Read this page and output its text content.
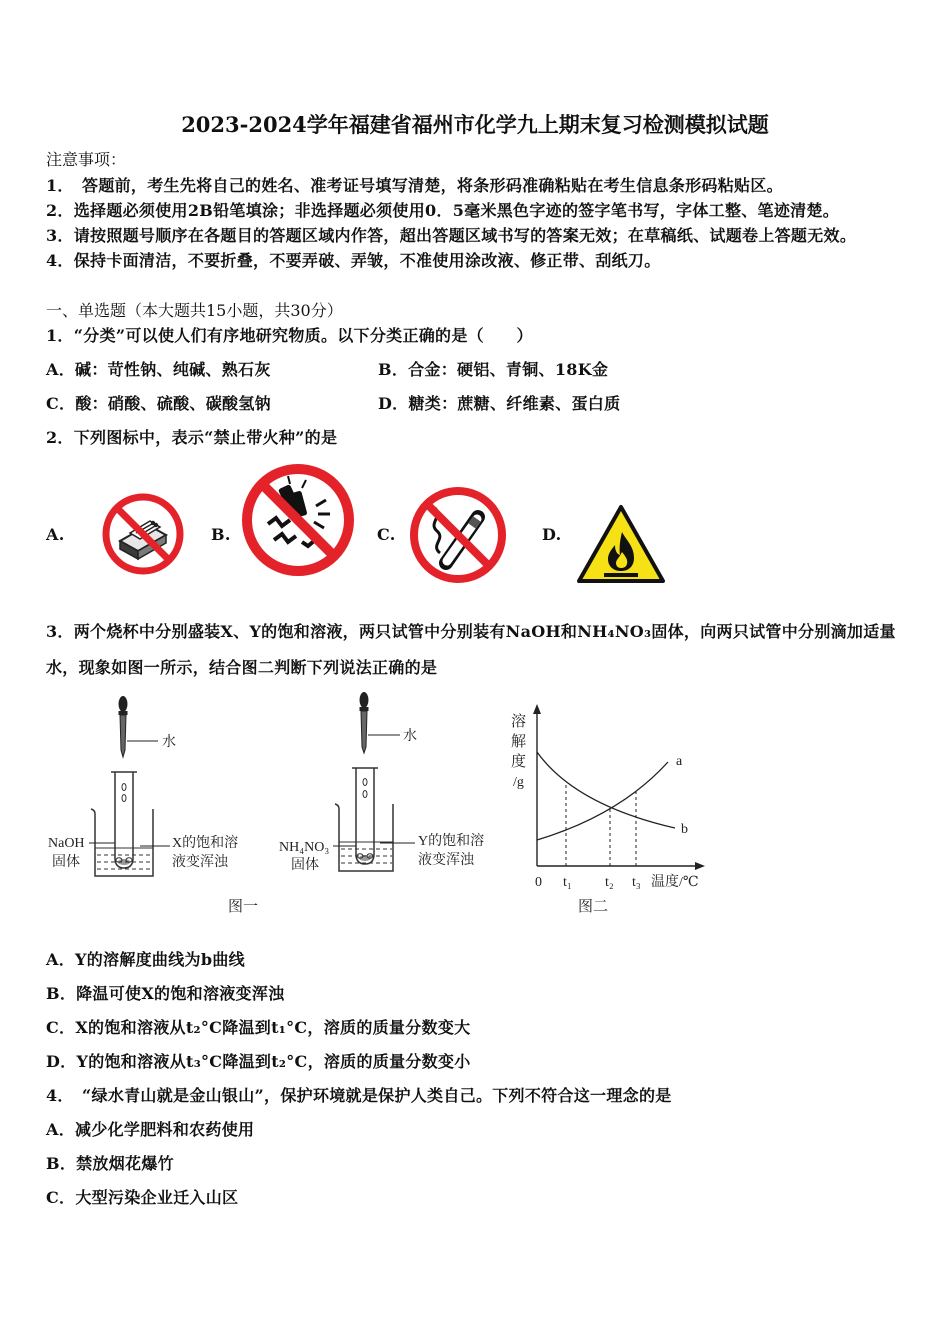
2023-2024学年福建省福州市化学九上期末复习检测模拟试题
注意事项：
1．　答题前，考生先将自己的姓名、准考证号填写清楚，将条形码准确粘贴在考生信息条形码粘贴区。
2．选择题必须使用2B铅笔填涂；非选择题必须使用0．5毫米黑色字迹的签字笔书写，字体工整、笔迹清楚。
3．请按照题号顺序在各题目的答题区域内作答，超出答题区域书写的答案无效；在草稿纸、试题卷上答题无效。
4．保持卡面清洁，不要折叠，不要弄破、弄皱，不准使用涂改液、修正带、刮纸刀。
一、单选题（本大题共15小题，共30分）
1．“分类”可以使人们有序地研究物质。以下分类正确的是（　　）
A．碱：苛性钠、纯碱、熟石灰	B．合金：硬铝、青铜、18K金
C．酸：硝酸、硫酸、碳酸氢钠	D．糖类：蔗糖、纤维素、蛋白质
2．下列图标中，表示“禁止带火种”的是
A.	B.	C.	D.
3．两个烧杯中分别盛装X、Y的饱和溶液，两只试管中分别装有NaOH和NH₄NO₃固体，向两只试管中分别滴加适量
水，现象如图一所示，结合图二判断下列说法正确的是
水
NaOH
固体
X的饱和溶
液变浑浊
水
NH₄NO₃
固体
Y的饱和溶
液变浑浊
图一
溶
解
度
/g
a
b
0 t₁ t₂ t₃ 温度/℃
图二
A．Y的溶解度曲线为b曲线
B．降温可使X的饱和溶液变浑浊
C．X的饱和溶液从t₂°C降温到t₁°C，溶质的质量分数变大
D．Y的饱和溶液从t₃°C降温到t₂°C，溶质的质量分数变小
4．　“绿水青山就是金山银山”，保护环境就是保护人类自己。下列不符合这一理念的是
A．减少化学肥料和农药使用
B．禁放烟花爆竹
C．大型污染企业迁入山区
